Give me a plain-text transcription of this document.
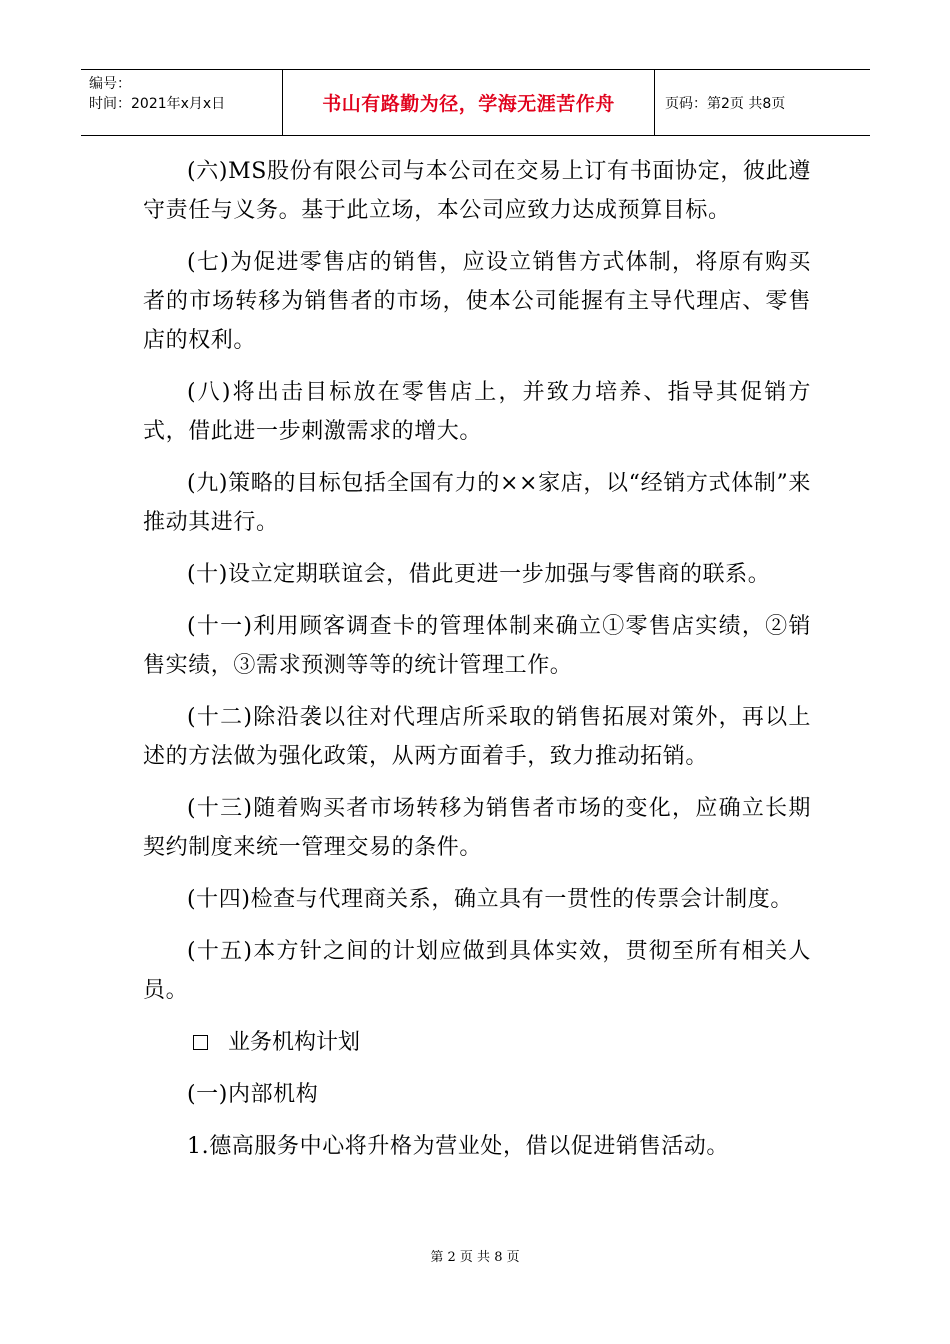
编号：
时间：2021年x月x日	书山有路勤为径，学海无涯苦作舟	页码：第2页 共8页

(六)MS股份有限公司与本公司在交易上订有书面协定，彼此遵守责任与义务。基于此立场，本公司应致力达成预算目标。

(七)为促进零售店的销售，应设立销售方式体制，将原有购买者的市场转移为销售者的市场，使本公司能握有主导代理店、零售店的权利。

(八)将出击目标放在零售店上，并致力培养、指导其促销方式，借此进一步刺激需求的增大。

(九)策略的目标包括全国有力的××家店，以“经销方式体制”来推动其进行。

(十)设立定期联谊会，借此更进一步加强与零售商的联系。

(十一)利用顾客调查卡的管理体制来确立①零售店实绩，②销售实绩，③需求预测等等的统计管理工作。

(十二)除沿袭以往对代理店所采取的销售拓展对策外，再以上述的方法做为强化政策，从两方面着手，致力推动拓销。

(十三)随着购买者市场转移为销售者市场的变化，应确立长期契约制度来统一管理交易的条件。

(十四)检查与代理商关系，确立具有一贯性的传票会计制度。

(十五)本方针之间的计划应做到具体实效，贯彻至所有相关人员。

业务机构计划

(一)内部机构

1.德高服务中心将升格为营业处，借以促进销售活动。

第 2 页 共 8 页
